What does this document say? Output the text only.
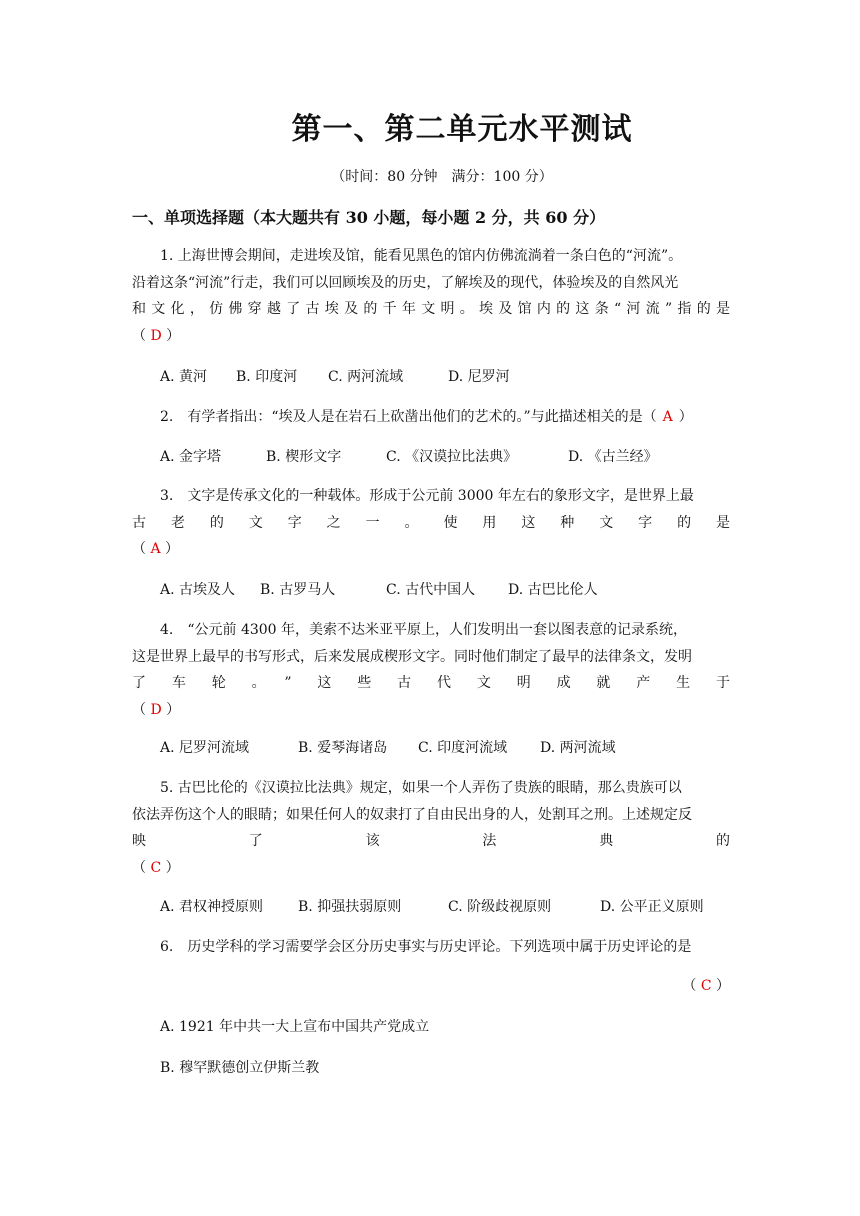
第一、第二单元水平测试
（时间：80 分钟　满分：100 分）
一、单项选择题（本大题共有 30 小题，每小题 2 分，共 60 分）

1. 上海世博会期间，走进埃及馆，能看见黑色的馆内仿佛流淌着一条白色的“河流”。

沿着这条“河流”行走，我们可以回顾埃及的历史，了解埃及的现代，体验埃及的自然风光

和文化，仿佛穿越了古埃及的千年文明。埃及馆内的这条“河流”指的是

（ D ）

A. 黄河 B. 印度河 C. 两河流域	D. 尼罗河

2.　有学者指出：“埃及人是在岩石上砍凿出他们的艺术的。”与此描述相关的是（ A ）

A. 金字塔	B. 楔形文字	C. 《汉谟拉比法典》	D. 《古兰经》

3.　文字是传承文化的一种载体。形成于公元前 3000 年左右的象形文字，是世界上最

古老的文字之一。使用这种文字的是

（ A ）

A. 古埃及人 B. 古罗马人	C. 古代中国人 D. 古巴比伦人

4.　“公元前 4300 年，美索不达米亚平原上，人们发明出一套以图表意的记录系统，

这是世界上最早的书写形式，后来发展成楔形文字。同时他们制定了最早的法律条文，发明

了车轮。”这些古代文明成就产生于

（ D ）

A. 尼罗河流域	B. 爱琴海诸岛 C. 印度河流域 D. 两河流域

5. 古巴比伦的《汉谟拉比法典》规定，如果一个人弄伤了贵族的眼睛，那么贵族可以

依法弄伤这个人的眼睛；如果任何人的奴隶打了自由民出身的人，处割耳之刑。上述规定反

映了该法典的

（ C ）

A. 君权神授原则 B. 抑强扶弱原则	C. 阶级歧视原则	D. 公平正义原则

6.　历史学科的学习需要学会区分历史事实与历史评论。下列选项中属于历史评论的是

（ C ）
A. 1921 年中共一大上宣布中国共产党成立
B. 穆罕默德创立伊斯兰教
